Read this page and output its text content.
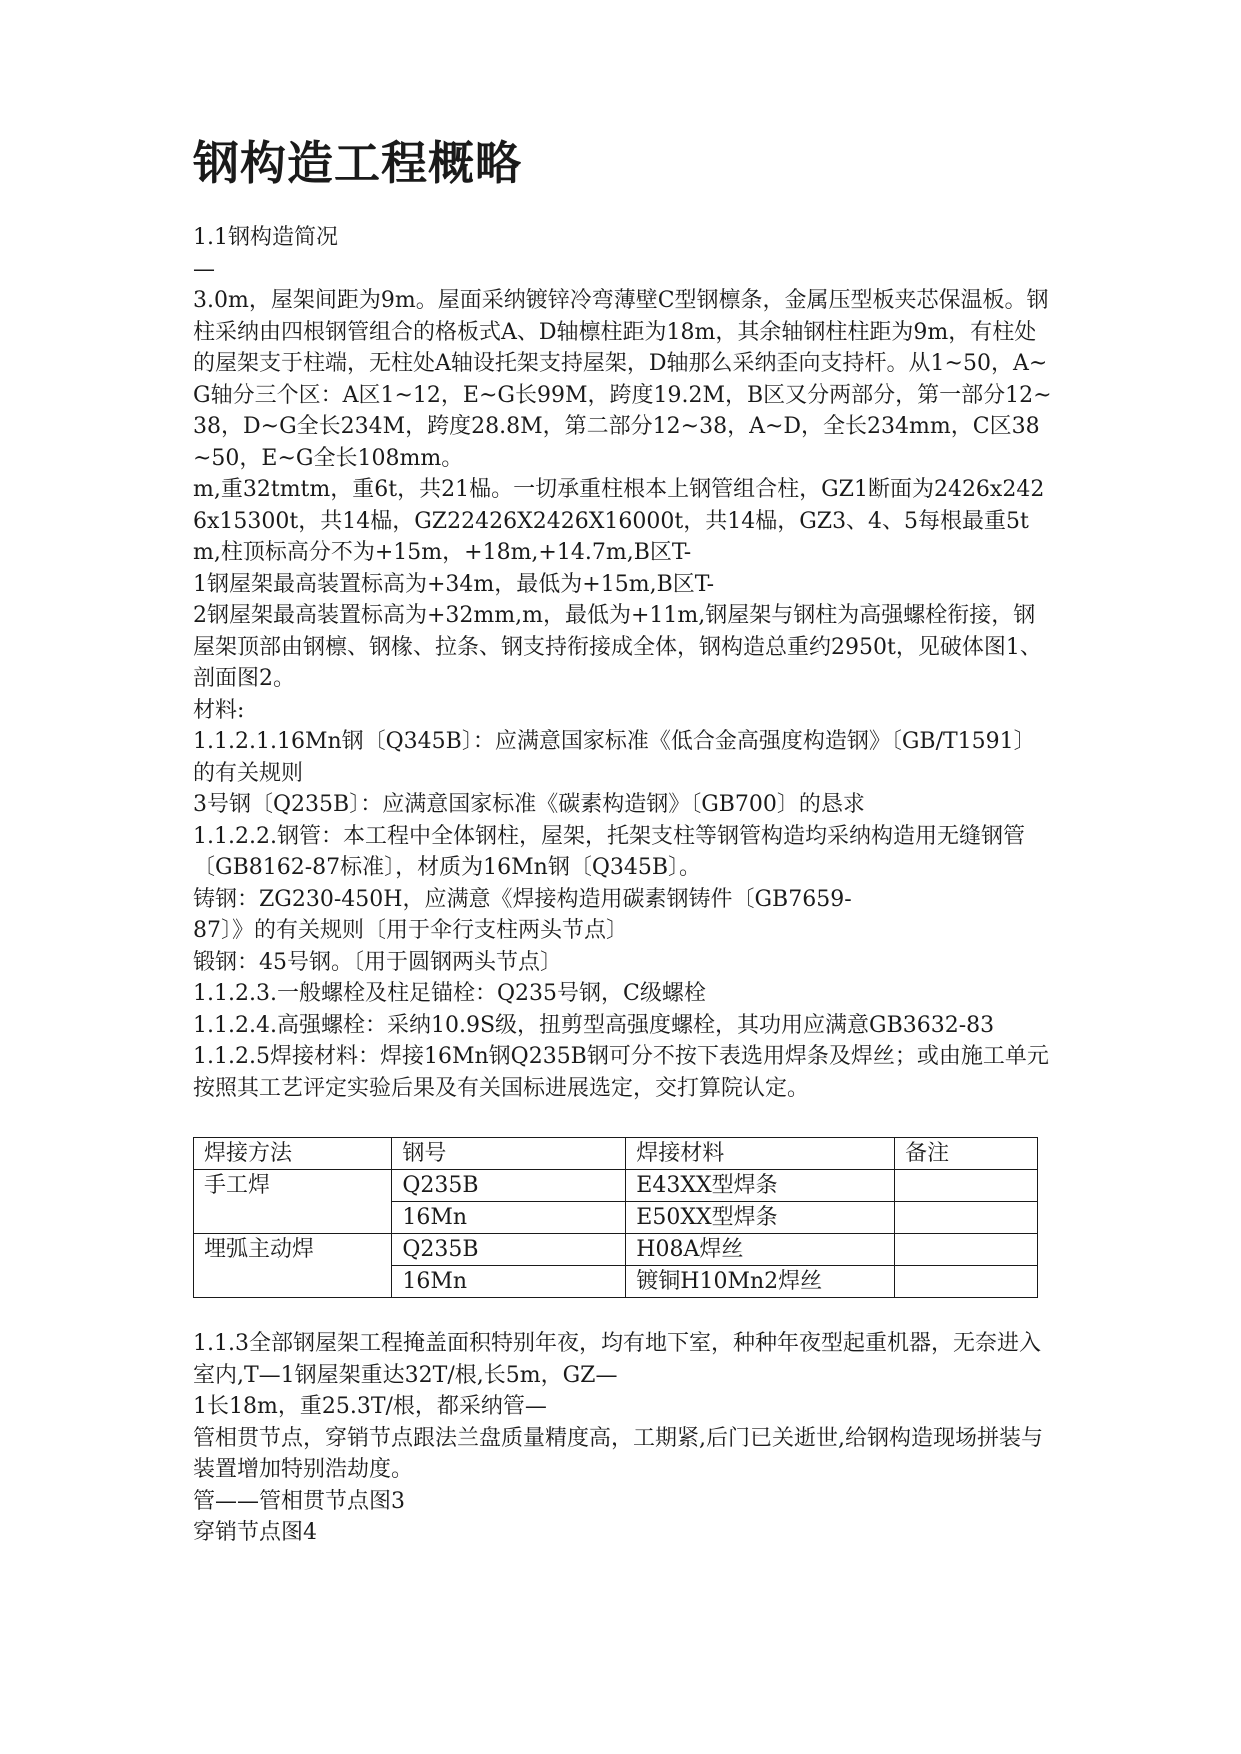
钢构造工程概略

1.1钢构造简况

—

3.0m，屋架间距为9m。屋面采纳镀锌冷弯薄壁C型钢檩条，金属压型板夹芯保温板。钢柱采纳由四根钢管组合的格板式A、D轴檩柱距为18m，其余轴钢柱柱距为9m，有柱处的屋架支于柱端，无柱处A轴设托架支持屋架，D轴那么采纳歪向支持杆。从1~50，A~G轴分三个区：A区1~12，E~G长99M，跨度19.2M，B区又分两部分，第一部分12~38，D~G全长234M，跨度28.8M，第二部分12~38，A~D，全长234mm，C区38~50，E~G全长108mm。

m,重32tmtm，重6t，共21榀。一切承重柱根本上钢管组合柱，GZ1断面为2426x2426x15300t，共14榀，GZ22426X2426X16000t，共14榀，GZ3、4、5每根最重5tm,柱顶标高分不为+15m，+18m,+14.7m,B区T-

1钢屋架最高装置标高为+34m，最低为+15m,B区T-

2钢屋架最高装置标高为+32mm,m，最低为+11m,钢屋架与钢柱为高强螺栓衔接，钢屋架顶部由钢檩、钢椽、拉条、钢支持衔接成全体，钢构造总重约2950t，见破体图1、剖面图2。

材料:

1.1.2.1.16Mn钢〔Q345B〕：应满意国家标准《低合金高强度构造钢》〔GB/T1591〕的有关规则

3号钢〔Q235B〕：应满意国家标准《碳素构造钢》〔GB700〕的恳求

1.1.2.2.钢管：本工程中全体钢柱，屋架，托架支柱等钢管构造均采纳构造用无缝钢管〔GB8162-87标准〕，材质为16Mn钢〔Q345B〕。

铸钢：ZG230-450H，应满意《焊接构造用碳素钢铸件〔GB7659-

87〕》的有关规则〔用于伞行支柱两头节点〕

锻钢：45号钢。〔用于圆钢两头节点〕

1.1.2.3.一般螺栓及柱足锚栓：Q235号钢，C级螺栓

1.1.2.4.高强螺栓：采纳10.9S级，扭剪型高强度螺栓，其功用应满意GB3632-83

1.1.2.5焊接材料：焊接16Mn钢Q235B钢可分不按下表选用焊条及焊丝；或由施工单元按照其工艺评定实验后果及有关国标进展选定，交打算院认定。

焊接方法	钢号	焊接材料	备注
手工焊	Q235B	E43XX型焊条	
	16Mn	E50XX型焊条	
埋弧主动焊	Q235B	H08A焊丝	
	16Mn	镀铜H10Mn2焊丝	

1.1.3全部钢屋架工程掩盖面积特别年夜，均有地下室，种种年夜型起重机器，无奈进入室内,T—1钢屋架重达32T/根,长5m，GZ—

1长18m，重25.3T/根，都采纳管—

管相贯节点，穿销节点跟法兰盘质量精度高，工期紧,后门已关逝世,给钢构造现场拼装与装置增加特别浩劫度。

管——管相贯节点图3

穿销节点图4
